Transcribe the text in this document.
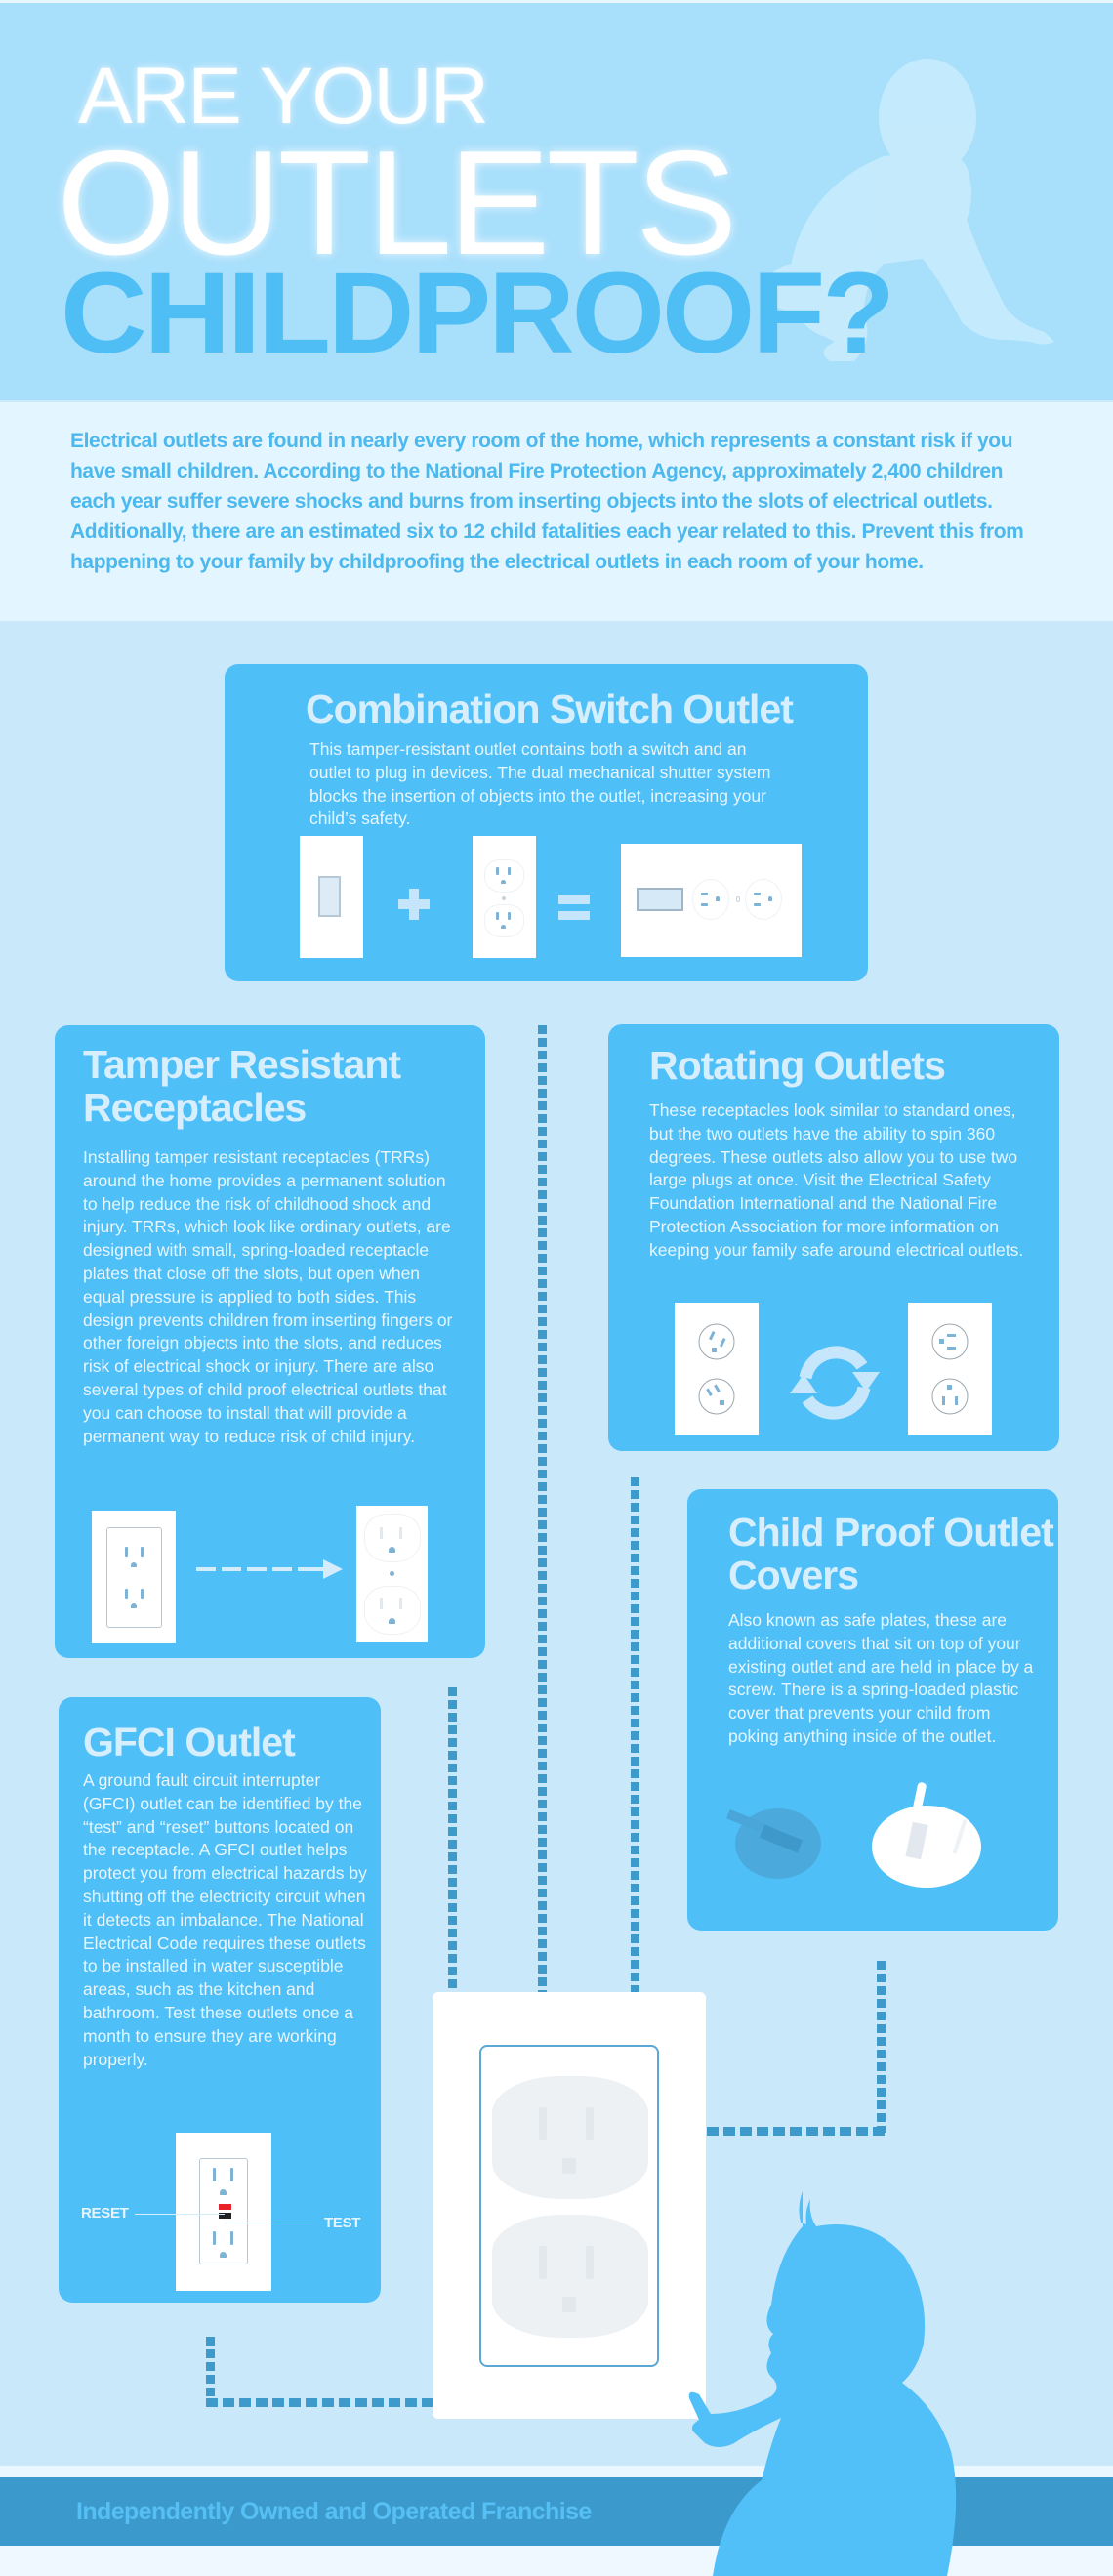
ARE YOUR
OUTLETS
CHILDPROOF?

Electrical outlets are found in nearly every room of the home, which represents a constant risk if you have small children. According to the National Fire Protection Agency, approximately 2,400 children each year suffer severe shocks and burns from inserting objects into the slots of electrical outlets. Additionally, there are an estimated six to 12 child fatalities each year related to this. Prevent this from happening to your family by childproofing the electrical outlets in each room of your home.

Combination Switch Outlet

This tamper-resistant outlet contains both a switch and an outlet to plug in devices. The dual mechanical shutter system blocks the insertion of objects into the outlet, increasing your child’s safety.

Tamper Resistant Receptacles

Installing tamper resistant receptacles (TRRs) around the home provides a permanent solution to help reduce the risk of childhood shock and injury. TRRs, which look like ordinary outlets, are designed with small, spring-loaded receptacle plates that close off the slots, but open when equal pressure is applied to both sides. This design prevents children from inserting fingers or other foreign objects into the slots, and reduces risk of electrical shock or injury. There are also several types of child proof electrical outlets that you can choose to install that will provide a permanent way to reduce risk of child injury.

Rotating Outlets

These receptacles look similar to standard ones, but the two outlets have the ability to spin 360 degrees. These outlets also allow you to use two large plugs at once. Visit the Electrical Safety Foundation International and the National Fire Protection Association for more information on keeping your family safe around electrical outlets.

Child Proof Outlet Covers

Also known as safe plates, these are additional covers that sit on top of your existing outlet and are held in place by a screw. There is a spring-loaded plastic cover that prevents your child from poking anything inside of the outlet.

GFCI Outlet

A ground fault circuit interrupter (GFCI) outlet can be identified by the “test” and “reset” buttons located on the receptacle. A GFCI outlet helps protect you from electrical hazards by shutting off the electricity circuit when it detects an imbalance. The National Electrical Code requires these outlets to be installed in water susceptible areas, such as the kitchen and bathroom. Test these outlets once a month to ensure they are working properly.

RESET
TEST
Independently Owned and Operated Franchise
